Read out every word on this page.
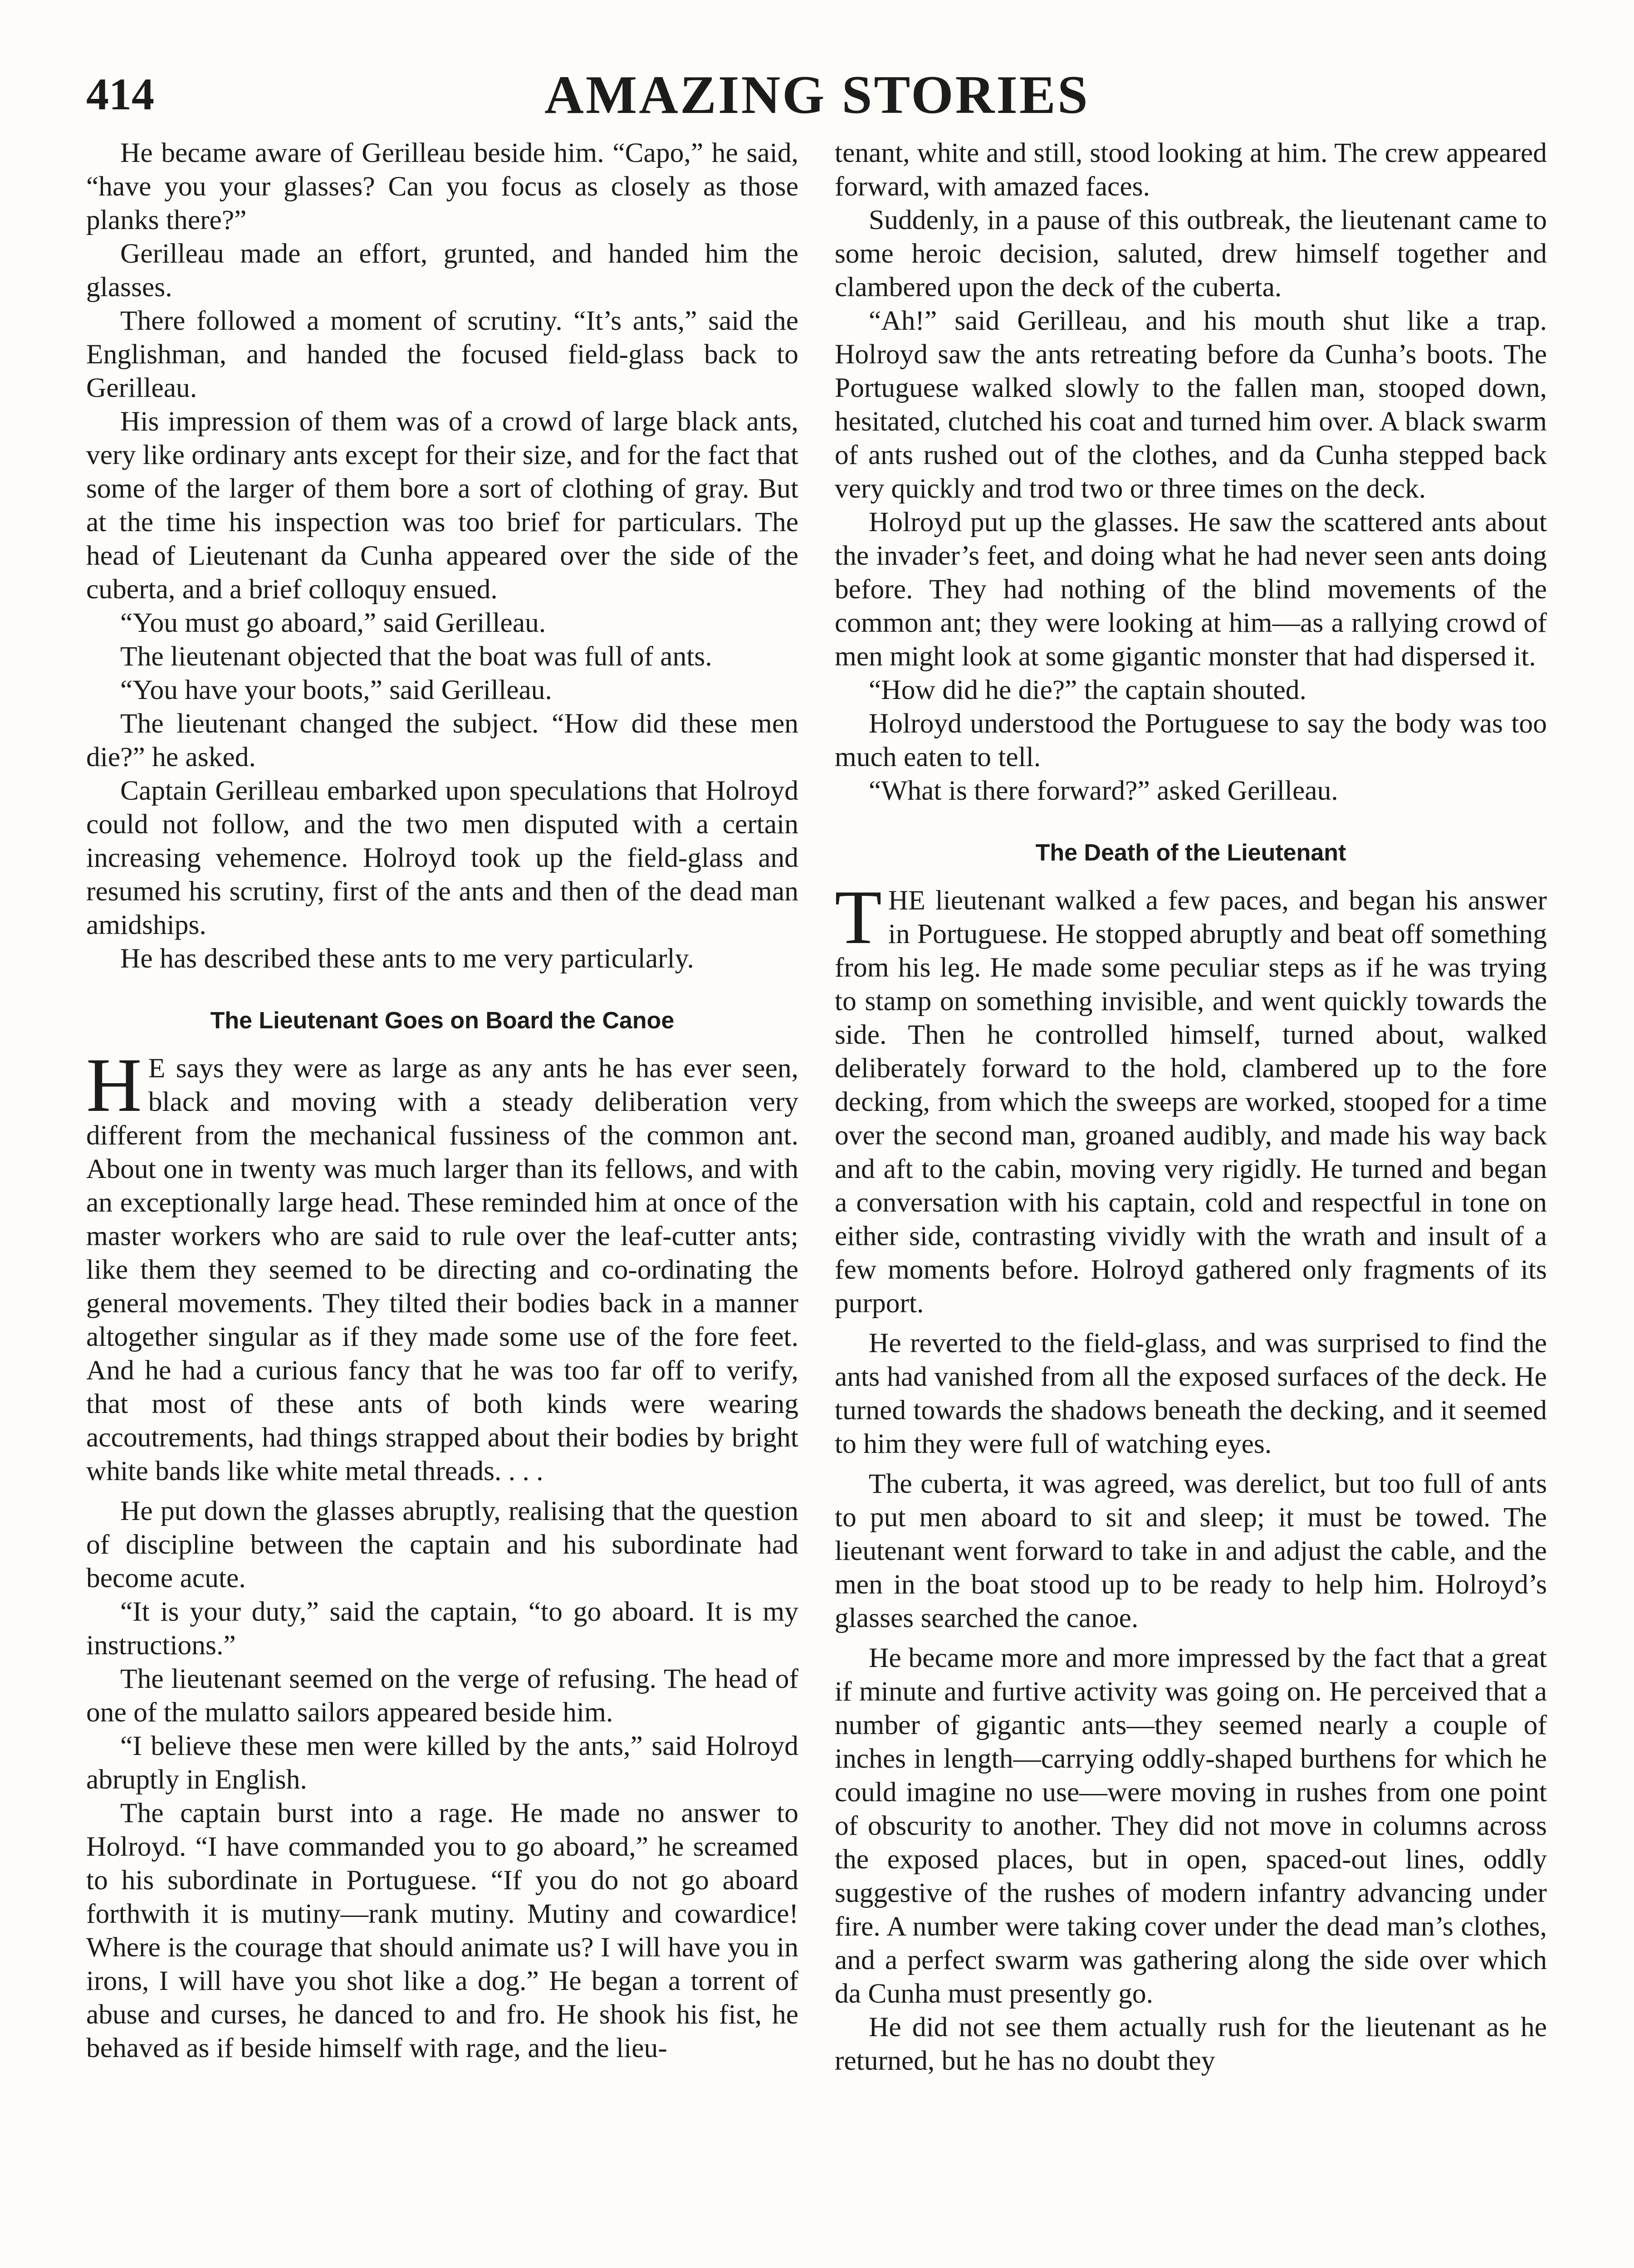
414	AMAZING STORIES

He became aware of Gerilleau beside him. “Capo,” he said, “have you your glasses? Can you focus as closely as those planks there?”

Gerilleau made an effort, grunted, and handed him the glasses.

There followed a moment of scrutiny. “It’s ants,” said the Englishman, and handed the focused field-glass back to Gerilleau.

His impression of them was of a crowd of large black ants, very like ordinary ants except for their size, and for the fact that some of the larger of them bore a sort of clothing of gray. But at the time his inspection was too brief for particulars. The head of Lieutenant da Cunha appeared over the side of the cuberta, and a brief colloquy ensued.

“You must go aboard,” said Gerilleau.

The lieutenant objected that the boat was full of ants.

“You have your boots,” said Gerilleau.

The lieutenant changed the subject. “How did these men die?” he asked.

Captain Gerilleau embarked upon speculations that Holroyd could not follow, and the two men disputed with a certain increasing vehemence. Holroyd took up the field-glass and resumed his scrutiny, first of the ants and then of the dead man amidships.

He has described these ants to me very particularly.

The Lieutenant Goes on Board the Canoe

H E says they were as large as any ants he has ever seen, black and moving with a steady deliberation very different from the mechanical fussiness of the common ant. About one in twenty was much larger than its fellows, and with an exceptionally large head. These reminded him at once of the master workers who are said to rule over the leaf-cutter ants; like them they seemed to be directing and co-ordinating the general movements. They tilted their bodies back in a manner altogether singular as if they made some use of the fore feet. And he had a curious fancy that he was too far off to verify, that most of these ants of both kinds were wearing accoutrements, had things strapped about their bodies by bright white bands like white metal threads. . . .

He put down the glasses abruptly, realising that the question of discipline between the captain and his subordinate had become acute.

“It is your duty,” said the captain, “to go aboard. It is my instructions.”

The lieutenant seemed on the verge of refusing. The head of one of the mulatto sailors appeared beside him.

“I believe these men were killed by the ants,” said Holroyd abruptly in English.

The captain burst into a rage. He made no answer to Holroyd. “I have commanded you to go aboard,” he screamed to his subordinate in Portuguese. “If you do not go aboard forthwith it is mutiny—rank mutiny. Mutiny and cowardice! Where is the courage that should animate us? I will have you in irons, I will have you shot like a dog.” He began a torrent of abuse and curses, he danced to and fro. He shook his fist, he behaved as if beside himself with rage, and the lieu-

tenant, white and still, stood looking at him. The crew appeared forward, with amazed faces.

Suddenly, in a pause of this outbreak, the lieutenant came to some heroic decision, saluted, drew himself together and clambered upon the deck of the cuberta.

“Ah!” said Gerilleau, and his mouth shut like a trap. Holroyd saw the ants retreating before da Cunha’s boots. The Portuguese walked slowly to the fallen man, stooped down, hesitated, clutched his coat and turned him over. A black swarm of ants rushed out of the clothes, and da Cunha stepped back very quickly and trod two or three times on the deck.

Holroyd put up the glasses. He saw the scattered ants about the invader’s feet, and doing what he had never seen ants doing before. They had nothing of the blind movements of the common ant; they were looking at him—as a rallying crowd of men might look at some gigantic monster that had dispersed it.

“How did he die?” the captain shouted.

Holroyd understood the Portuguese to say the body was too much eaten to tell.

“What is there forward?” asked Gerilleau.

The Death of the Lieutenant

THE lieutenant walked a few paces, and began his answer in Portuguese. He stopped abruptly and beat off something from his leg. He made some peculiar steps as if he was trying to stamp on something invisible, and went quickly towards the side. Then he controlled himself, turned about, walked deliberately forward to the hold, clambered up to the fore decking, from which the sweeps are worked, stooped for a time over the second man, groaned audibly, and made his way back and aft to the cabin, moving very rigidly. He turned and began a conversation with his captain, cold and respectful in tone on either side, contrasting vividly with the wrath and insult of a few moments before. Holroyd gathered only fragments of its purport.

He reverted to the field-glass, and was surprised to find the ants had vanished from all the exposed surfaces of the deck. He turned towards the shadows beneath the decking, and it seemed to him they were full of watching eyes.

The cuberta, it was agreed, was derelict, but too full of ants to put men aboard to sit and sleep; it must be towed. The lieutenant went forward to take in and adjust the cable, and the men in the boat stood up to be ready to help him. Holroyd’s glasses searched the canoe.

He became more and more impressed by the fact that a great if minute and furtive activity was going on. He perceived that a number of gigantic ants—they seemed nearly a couple of inches in length—carrying oddly-shaped burthens for which he could imagine no use—were moving in rushes from one point of obscurity to another. They did not move in columns across the exposed places, but in open, spaced-out lines, oddly suggestive of the rushes of modern infantry advancing under fire. A number were taking cover under the dead man’s clothes, and a perfect swarm was gathering along the side over which da Cunha must presently go.

He did not see them actually rush for the lieutenant as he returned, but he has no doubt they
